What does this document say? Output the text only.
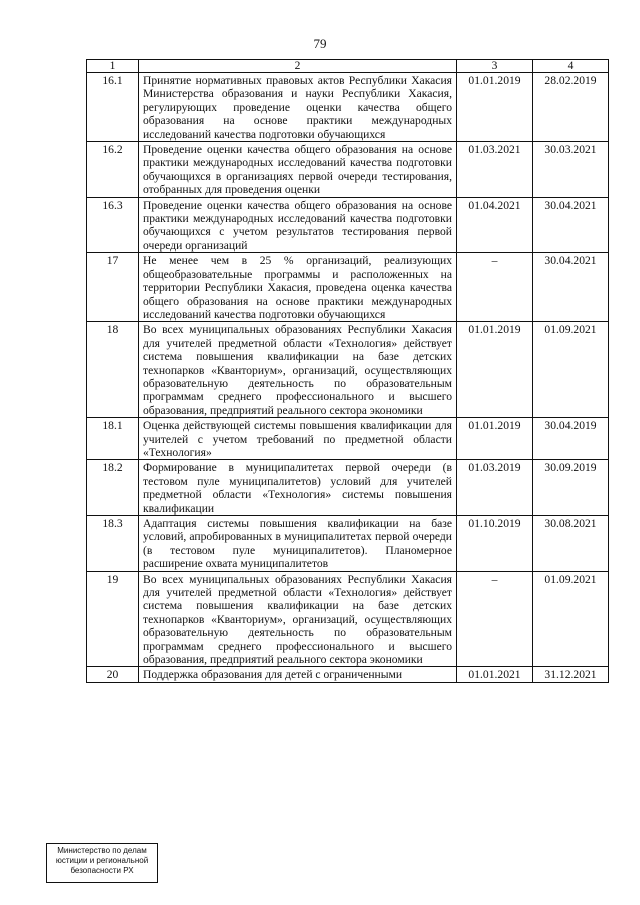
79
1	2	3	4
16.1	Принятие нормативных правовых актов Республики Хакасия Министерства образования и науки Республики Хакасия, регулирующих проведение оценки качества общего образования на основе практики международных исследований качества подготовки обучающихся	01.01.2019	28.02.2019
16.2	Проведение оценки качества общего образования на основе практики международных исследований качества подготовки обучающихся в организациях первой очереди тестирования, отобранных для проведения оценки	01.03.2021	30.03.2021
16.3	Проведение оценки качества общего образования на основе практики международных исследований качества подготовки обучающихся с учетом результатов тестирования первой очереди организаций	01.04.2021	30.04.2021
17	Не менее чем в 25 % организаций, реализующих общеобразовательные программы и расположенных на территории Республики Хакасия, проведена оценка качества общего образования на основе практики международных исследований качества подготовки обучающихся	–	30.04.2021
18	Во всех муниципальных образованиях Республики Хакасия для учителей предметной области «Технология» действует система повышения квалификации на базе детских технопарков «Кванториум», организаций, осуществляющих образовательную деятельность по образовательным программам среднего профессионального и высшего образования, предприятий реального сектора экономики	01.01.2019	01.09.2021
18.1	Оценка действующей системы повышения квалификации для учителей с учетом требований по предметной области «Технология»	01.01.2019	30.04.2019
18.2	Формирование в муниципалитетах первой очереди (в тестовом пуле муниципалитетов) условий для учителей предметной области «Технология» системы повышения квалификации	01.03.2019	30.09.2019
18.3	Адаптация системы повышения квалификации на базе условий, апробированных в муниципалитетах первой очереди (в тестовом пуле муниципалитетов). Планомерное расширение охвата муниципалитетов	01.10.2019	30.08.2021
19	Во всех муниципальных образованиях Республики Хакасия для учителей предметной области «Технология» действует система повышения квалификации на базе детских технопарков «Кванториум», организаций, осуществляющих образовательную деятельность по образовательным программам среднего профессионального и высшего образования, предприятий реального сектора экономики	–	01.09.2021
20	Поддержка образования для детей с ограниченными	01.01.2021	31.12.2021
Министерство по делам
юстиции и региональной
безопасности РХ
